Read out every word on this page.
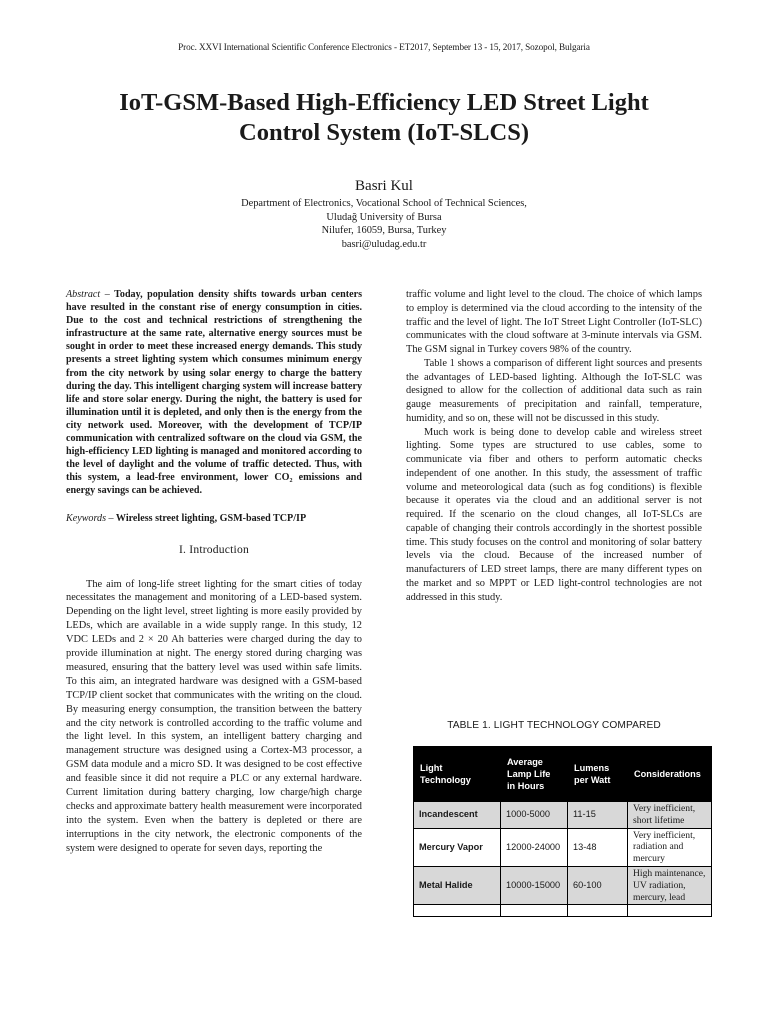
Proc. XXVI International Scientific Conference Electronics - ET2017, September 13 - 15, 2017, Sozopol, Bulgaria
IoT-GSM-Based High-Efficiency LED Street Light
Control System (IoT-SLCS)
Basri Kul
Department of Electronics, Vocational School of Technical Sciences,
Uludağ University of Bursa
Nilufer, 16059, Bursa, Turkey
basri@uludag.edu.tr
Abstract – Today, population density shifts towards urban centers have resulted in the constant rise of energy consumption in cities. Due to the cost and technical restrictions of strengthening the infrastructure at the same rate, alternative energy sources must be sought in order to meet these increased energy demands. This study presents a street lighting system which consumes minimum energy from the city network by using solar energy to charge the battery during the day. This intelligent charging system will increase battery life and store solar energy. During the night, the battery is used for illumination until it is depleted, and only then is the energy from the city network used. Moreover, with the development of TCP/IP communication with centralized software on the cloud via GSM, the high-efficiency LED lighting is managed and monitored according to the level of daylight and the volume of traffic detected. Thus, with this system, a lead-free environment, lower CO₂ emissions and energy savings can be achieved.
Keywords – Wireless street lighting, GSM-based TCP/IP
I. Introduction

The aim of long-life street lighting for the smart cities of today necessitates the management and monitoring of a LED-based system. Depending on the light level, street lighting is more easily provided by LEDs, which are available in a wide supply range. In this study, 12 VDC LEDs and 2 × 20 Ah batteries were charged during the day to provide illumination at night. The energy stored during charging was measured, ensuring that the battery level was used within safe limits. To this aim, an integrated hardware was designed with a GSM-based TCP/IP client socket that communicates with the writing on the cloud. By measuring energy consumption, the transition between the battery and the city network is controlled according to the traffic volume and the light level. In this system, an intelligent battery charging and management structure was designed using a Cortex-M3 processor, a GSM data module and a micro SD. It was designed to be cost effective and feasible since it did not require a PLC or any external hardware. Current limitation during battery charging, low charge/high charge checks and approximate battery health measurement were incorporated into the system. Even when the battery is depleted or there are interruptions in the city network, the electronic components of the system were designed to operate for seven days, reporting the

traffic volume and light level to the cloud. The choice of which lamps to employ is determined via the cloud according to the intensity of the traffic and the level of light. The IoT Street Light Controller (IoT-SLC) communicates with the cloud software at 3-minute intervals via GSM. The GSM signal in Turkey covers 98% of the country.

Table 1 shows a comparison of different light sources and presents the advantages of LED-based lighting. Although the IoT-SLC was designed to allow for the collection of additional data such as rain gauge measurements of precipitation and rainfall, temperature, humidity, and so on, these will not be discussed in this study.

Much work is being done to develop cable and wireless street lighting. Some types are structured to use cables, some to communicate via fiber and others to perform automatic checks independent of one another. In this study, the assessment of traffic volume and meteorological data (such as fog conditions) is flexible because it operates via the cloud and an additional server is not required. If the scenario on the cloud changes, all IoT-SLCs are capable of changing their controls accordingly in the shortest possible time. This study focuses on the control and monitoring of solar battery levels via the cloud. Because of the increased number of manufacturers of LED street lamps, there are many different types on the market and so MPPT or LED light-control technologies are not addressed in this study.

TABLE 1. LIGHT TECHNOLOGY COMPARED
Light Technology	Average Lamp Life in Hours	Lumens per Watt	Considerations
Incandescent	1000-5000	11-15	Very inefficient, short lifetime
Mercury Vapor	12000-24000	13-48	Very inefficient, radiation and mercury
Metal Halide	10000-15000	60-100	High maintenance, UV radiation, mercury, lead
